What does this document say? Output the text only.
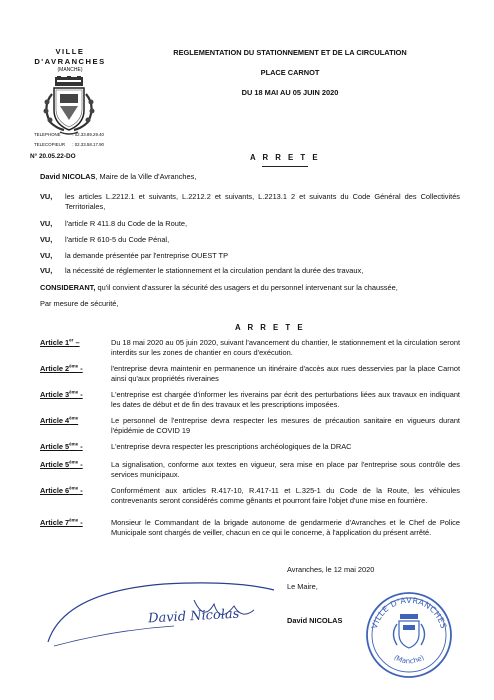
VILLE
D'AVRANCHES
(MANCHE)
TELEPHONE	: 02.33.89.29.40
TELECOPIEUR : 02.33.58.17.90
N° 20.05.22-DO
REGLEMENTATION DU STATIONNEMENT ET DE LA CIRCULATION
PLACE CARNOT
DU 18 MAI AU 05 JUIN 2020
A R R E T E
David NICOLAS, Maire de la Ville d'Avranches,
VU,	les articles L.2212.1 et suivants, L.2212.2 et suivants, L.2213.1 2 et suivants du Code Général des Collectivités Territoriales,
VU,	l'article R 411.8 du Code de la Route,
VU,	l'article R 610-5 du Code Pénal,
VU,	la demande présentée par l'entreprise OUEST TP
VU,	la nécessité de réglementer le stationnement et la circulation pendant la durée des travaux,
CONSIDERANT, qu'il convient d'assurer la sécurité des usagers et du personnel intervenant sur la chaussée,
Par mesure de sécurité,
A R R E T E
Article 1er –	Du 18 mai 2020 au 05 juin 2020, suivant l'avancement du chantier, le stationnement et la circulation seront interdits sur les zones de chantier en cours d'exécution.
Article 2ème -	l'entreprise devra maintenir en permanence un itinéraire d'accès aux rues desservies par la place Carnot ainsi qu'aux propriétés riveraines
Article 3ème -	L'entreprise est chargée d'informer les riverains par écrit des perturbations liées aux travaux en indiquant les dates de début et de fin des travaux et les prescriptions imposées.
Article 4ème	Le personnel de l'entreprise devra respecter les mesures de précaution sanitaire en vigueurs durant l'épidémie de COVID 19
Article 5ème -	L'entreprise devra respecter les prescriptions archéologiques de la DRAC
Article 5ème -	La signalisation, conforme aux textes en vigueur, sera mise en place par l'entreprise sous contrôle des services municipaux.
Article 6ème -	Conformément aux articles R.417-10, R.417-11 et L.325-1 du Code de la Route, les véhicules contrevenants seront considérés comme gênants et pourront faire l'objet d'une mise en fourrière.
Article 7ème -	Monsieur le Commandant de la brigade autonome de gendarmerie d'Avranches et le Chef de Police Municipale sont chargés de veiller, chacun en ce qui le concerne, à l'application du présent arrêté.
Avranches, le 12 mai 2020
Le Maire,
David NICOLAS
David Nicolas	VILLE D'AVRANCHES
(Manche)
